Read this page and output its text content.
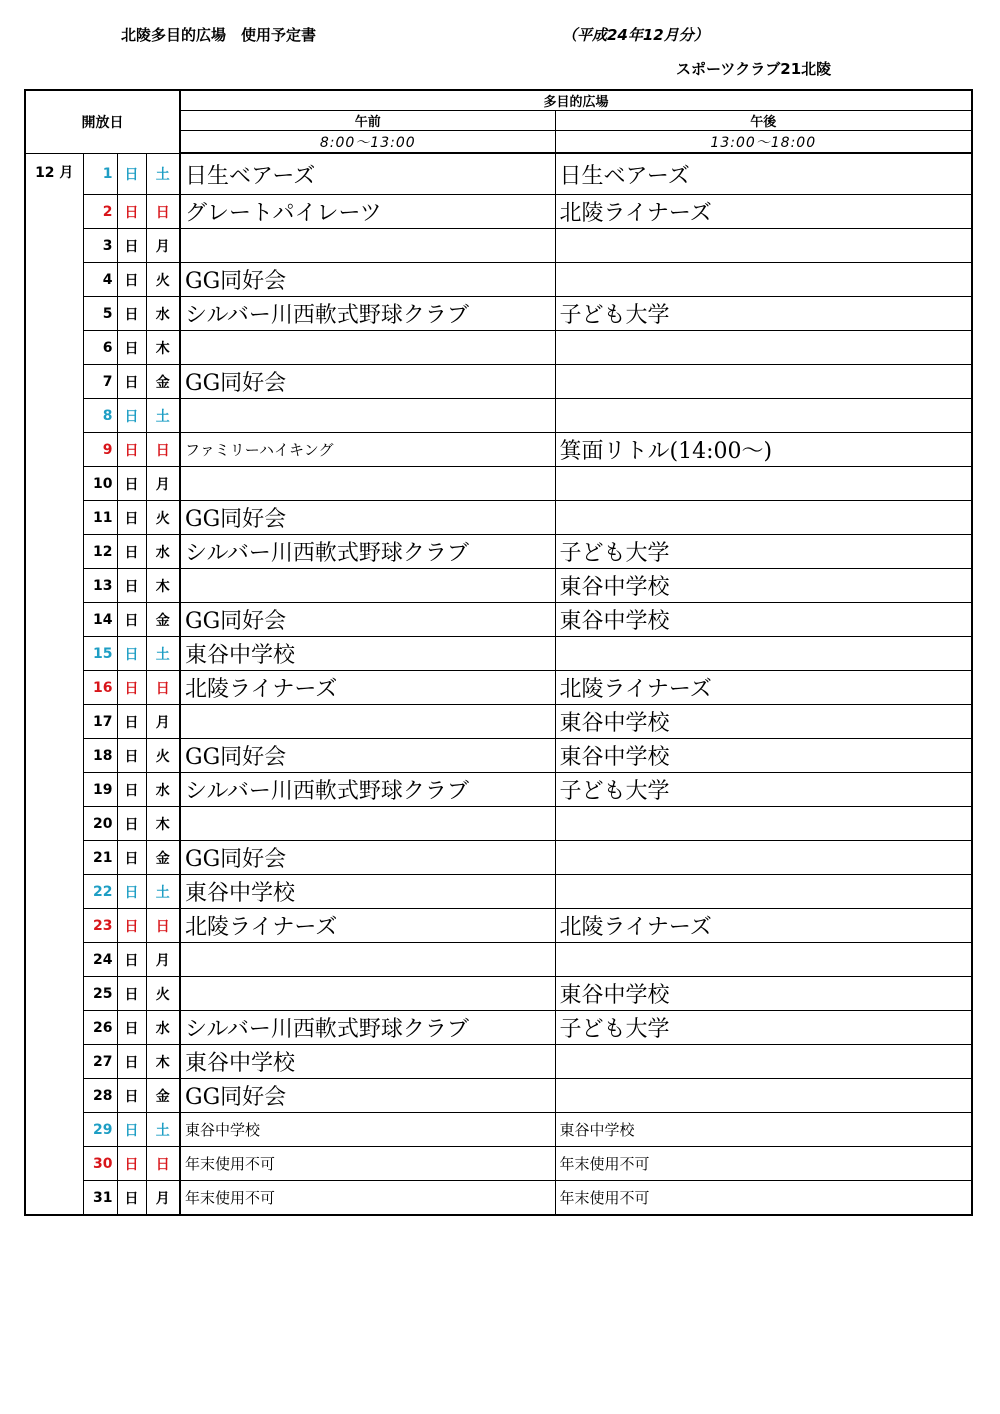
北陵多目的広場　使用予定書	（平成24年12月分）
スポーツクラブ21北陵
開放日				多目的広場	
				午前	午後
				8:00～13:00	13:00～18:00
12 月	1	日	土	日生ベアーズ	日生ベアーズ
	2	日	日	グレートパイレーツ	北陵ライナーズ
	3	日	月		
	4	日	火	GG同好会	
	5	日	水	シルバー川西軟式野球クラブ	子ども大学
	6	日	木		
	7	日	金	GG同好会	
	8	日	土		
	9	日	日	ファミリーハイキング	箕面リトル(14:00～)
	10	日	月		
	11	日	火	GG同好会	
	12	日	水	シルバー川西軟式野球クラブ	子ども大学
	13	日	木		東谷中学校
	14	日	金	GG同好会	東谷中学校
	15	日	土	東谷中学校	
	16	日	日	北陵ライナーズ	北陵ライナーズ
	17	日	月		東谷中学校
	18	日	火	GG同好会	東谷中学校
	19	日	水	シルバー川西軟式野球クラブ	子ども大学
	20	日	木		
	21	日	金	GG同好会	
	22	日	土	東谷中学校	
	23	日	日	北陵ライナーズ	北陵ライナーズ
	24	日	月		
	25	日	火		東谷中学校
	26	日	水	シルバー川西軟式野球クラブ	子ども大学
	27	日	木	東谷中学校	
	28	日	金	GG同好会	
	29	日	土	東谷中学校	東谷中学校
	30	日	日	年末使用不可	年末使用不可
	31	日	月	年末使用不可	年末使用不可
